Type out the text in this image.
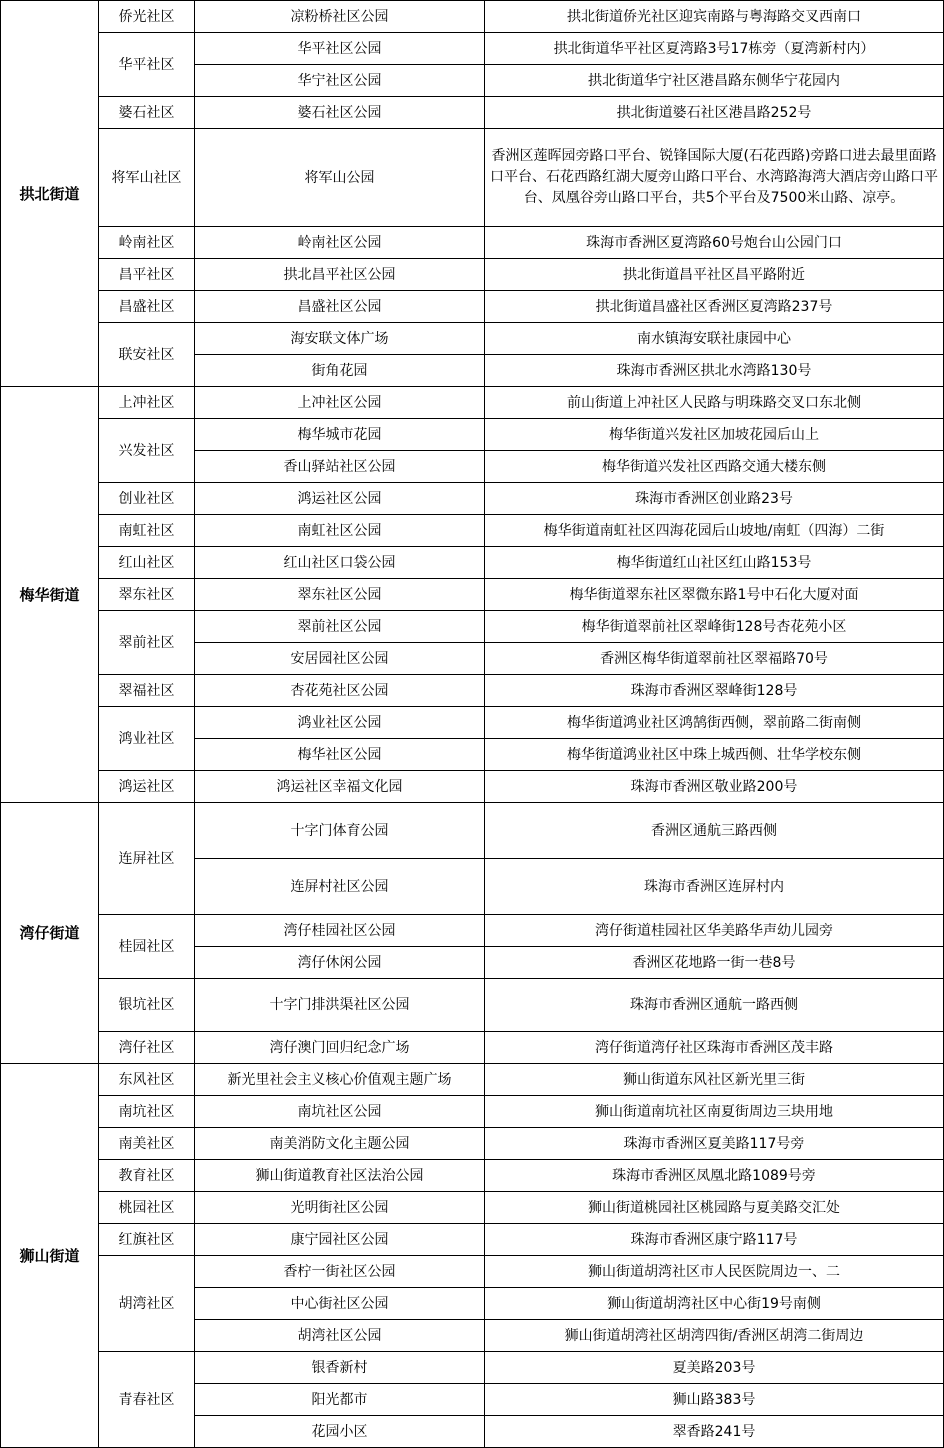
拱北街道	侨光社区	凉粉桥社区公园	拱北街道侨光社区迎宾南路与粤海路交叉西南口
	华平社区	华平社区公园	拱北街道华平社区夏湾路3号17栋旁（夏湾新村内）
		华宁社区公园	拱北街道华宁社区港昌路东侧华宁花园内
	婆石社区	婆石社区公园	拱北街道婆石社区港昌路252号
	将军山社区	将军山公园	香洲区莲晖园旁路口平台、锐锋国际大厦(石花西路)旁路口进去最里面路口平台、石花西路红湖大厦旁山路口平台、水湾路海湾大酒店旁山路口平台、凤凰谷旁山路口平台，共5个平台及7500米山路、凉亭。
	岭南社区	岭南社区公园	珠海市香洲区夏湾路60号炮台山公园门口
	昌平社区	拱北昌平社区公园	拱北街道昌平社区昌平路附近
	昌盛社区	昌盛社区公园	拱北街道昌盛社区香洲区夏湾路237号
	联安社区	海安联文体广场	南水镇海安联社康园中心
		街角花园	珠海市香洲区拱北水湾路130号
梅华街道	上冲社区	上冲社区公园	前山街道上冲社区人民路与明珠路交叉口东北侧
	兴发社区	梅华城市花园	梅华街道兴发社区加坡花园后山上
		香山驿站社区公园	梅华街道兴发社区西路交通大楼东侧
	创业社区	鸿运社区公园	珠海市香洲区创业路23号
	南虹社区	南虹社区公园	梅华街道南虹社区四海花园后山坡地/南虹（四海）二街
	红山社区	红山社区口袋公园	梅华街道红山社区红山路153号
	翠东社区	翠东社区公园	梅华街道翠东社区翠微东路1号中石化大厦对面
	翠前社区	翠前社区公园	梅华街道翠前社区翠峰街128号杏花苑小区
		安居园社区公园	香洲区梅华街道翠前社区翠福路70号
	翠福社区	杏花苑社区公园	珠海市香洲区翠峰街128号
	鸿业社区	鸿业社区公园	梅华街道鸿业社区鸿鹄街西侧，翠前路二街南侧
		梅华社区公园	梅华街道鸿业社区中珠上城西侧、壮华学校东侧
	鸿运社区	鸿运社区幸福文化园	珠海市香洲区敬业路200号
湾仔街道	连屏社区	十字门体育公园	香洲区通航三路西侧
		连屏村社区公园	珠海市香洲区连屏村内
	桂园社区	湾仔桂园社区公园	湾仔街道桂园社区华美路华声幼儿园旁
		湾仔休闲公园	香洲区花地路一街一巷8号
	银坑社区	十字门排洪渠社区公园	珠海市香洲区通航一路西侧
	湾仔社区	湾仔澳门回归纪念广场	湾仔街道湾仔社区珠海市香洲区茂丰路
狮山街道	东风社区	新光里社会主义核心价值观主题广场	狮山街道东风社区新光里三街
	南坑社区	南坑社区公园	狮山街道南坑社区南夏街周边三块用地
	南美社区	南美消防文化主题公园	珠海市香洲区夏美路117号旁
	教育社区	狮山街道教育社区法治公园	珠海市香洲区凤凰北路1089号旁
	桃园社区	光明街社区公园	狮山街道桃园社区桃园路与夏美路交汇处
	红旗社区	康宁园社区公园	珠海市香洲区康宁路117号
	胡湾社区	香柠一街社区公园	狮山街道胡湾社区市人民医院周边一、二
		中心街社区公园	狮山街道胡湾社区中心街19号南侧
		胡湾社区公园	狮山街道胡湾社区胡湾四街/香洲区胡湾二街周边
	青春社区	银香新村	夏美路203号
		阳光都市	狮山路383号
		花园小区	翠香路241号
